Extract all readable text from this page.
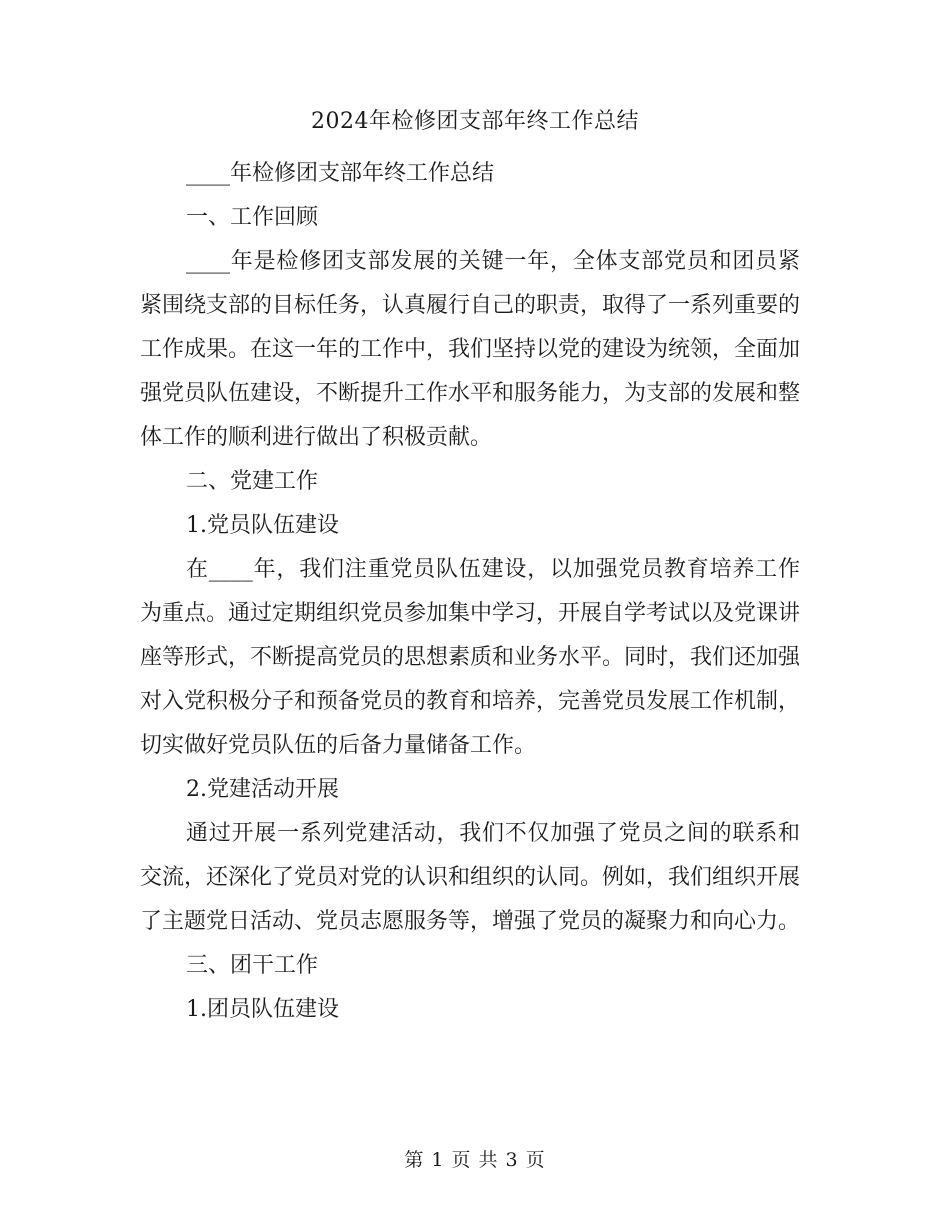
2024年检修团支部年终工作总结

____年检修团支部年终工作总结

一、工作回顾

____年是检修团支部发展的关键一年，全体支部党员和团员紧紧围绕支部的目标任务，认真履行自己的职责，取得了一系列重要的工作成果。在这一年的工作中，我们坚持以党的建设为统领，全面加强党员队伍建设，不断提升工作水平和服务能力，为支部的发展和整体工作的顺利进行做出了积极贡献。

二、党建工作

1.党员队伍建设

在____年，我们注重党员队伍建设，以加强党员教育培养工作为重点。通过定期组织党员参加集中学习，开展自学考试以及党课讲座等形式，不断提高党员的思想素质和业务水平。同时，我们还加强对入党积极分子和预备党员的教育和培养，完善党员发展工作机制，切实做好党员队伍的后备力量储备工作。

2.党建活动开展

通过开展一系列党建活动，我们不仅加强了党员之间的联系和交流，还深化了党员对党的认识和组织的认同。例如，我们组织开展了主题党日活动、党员志愿服务等，增强了党员的凝聚力和向心力。

三、团干工作

1.团员队伍建设

第 1 页 共 3 页
